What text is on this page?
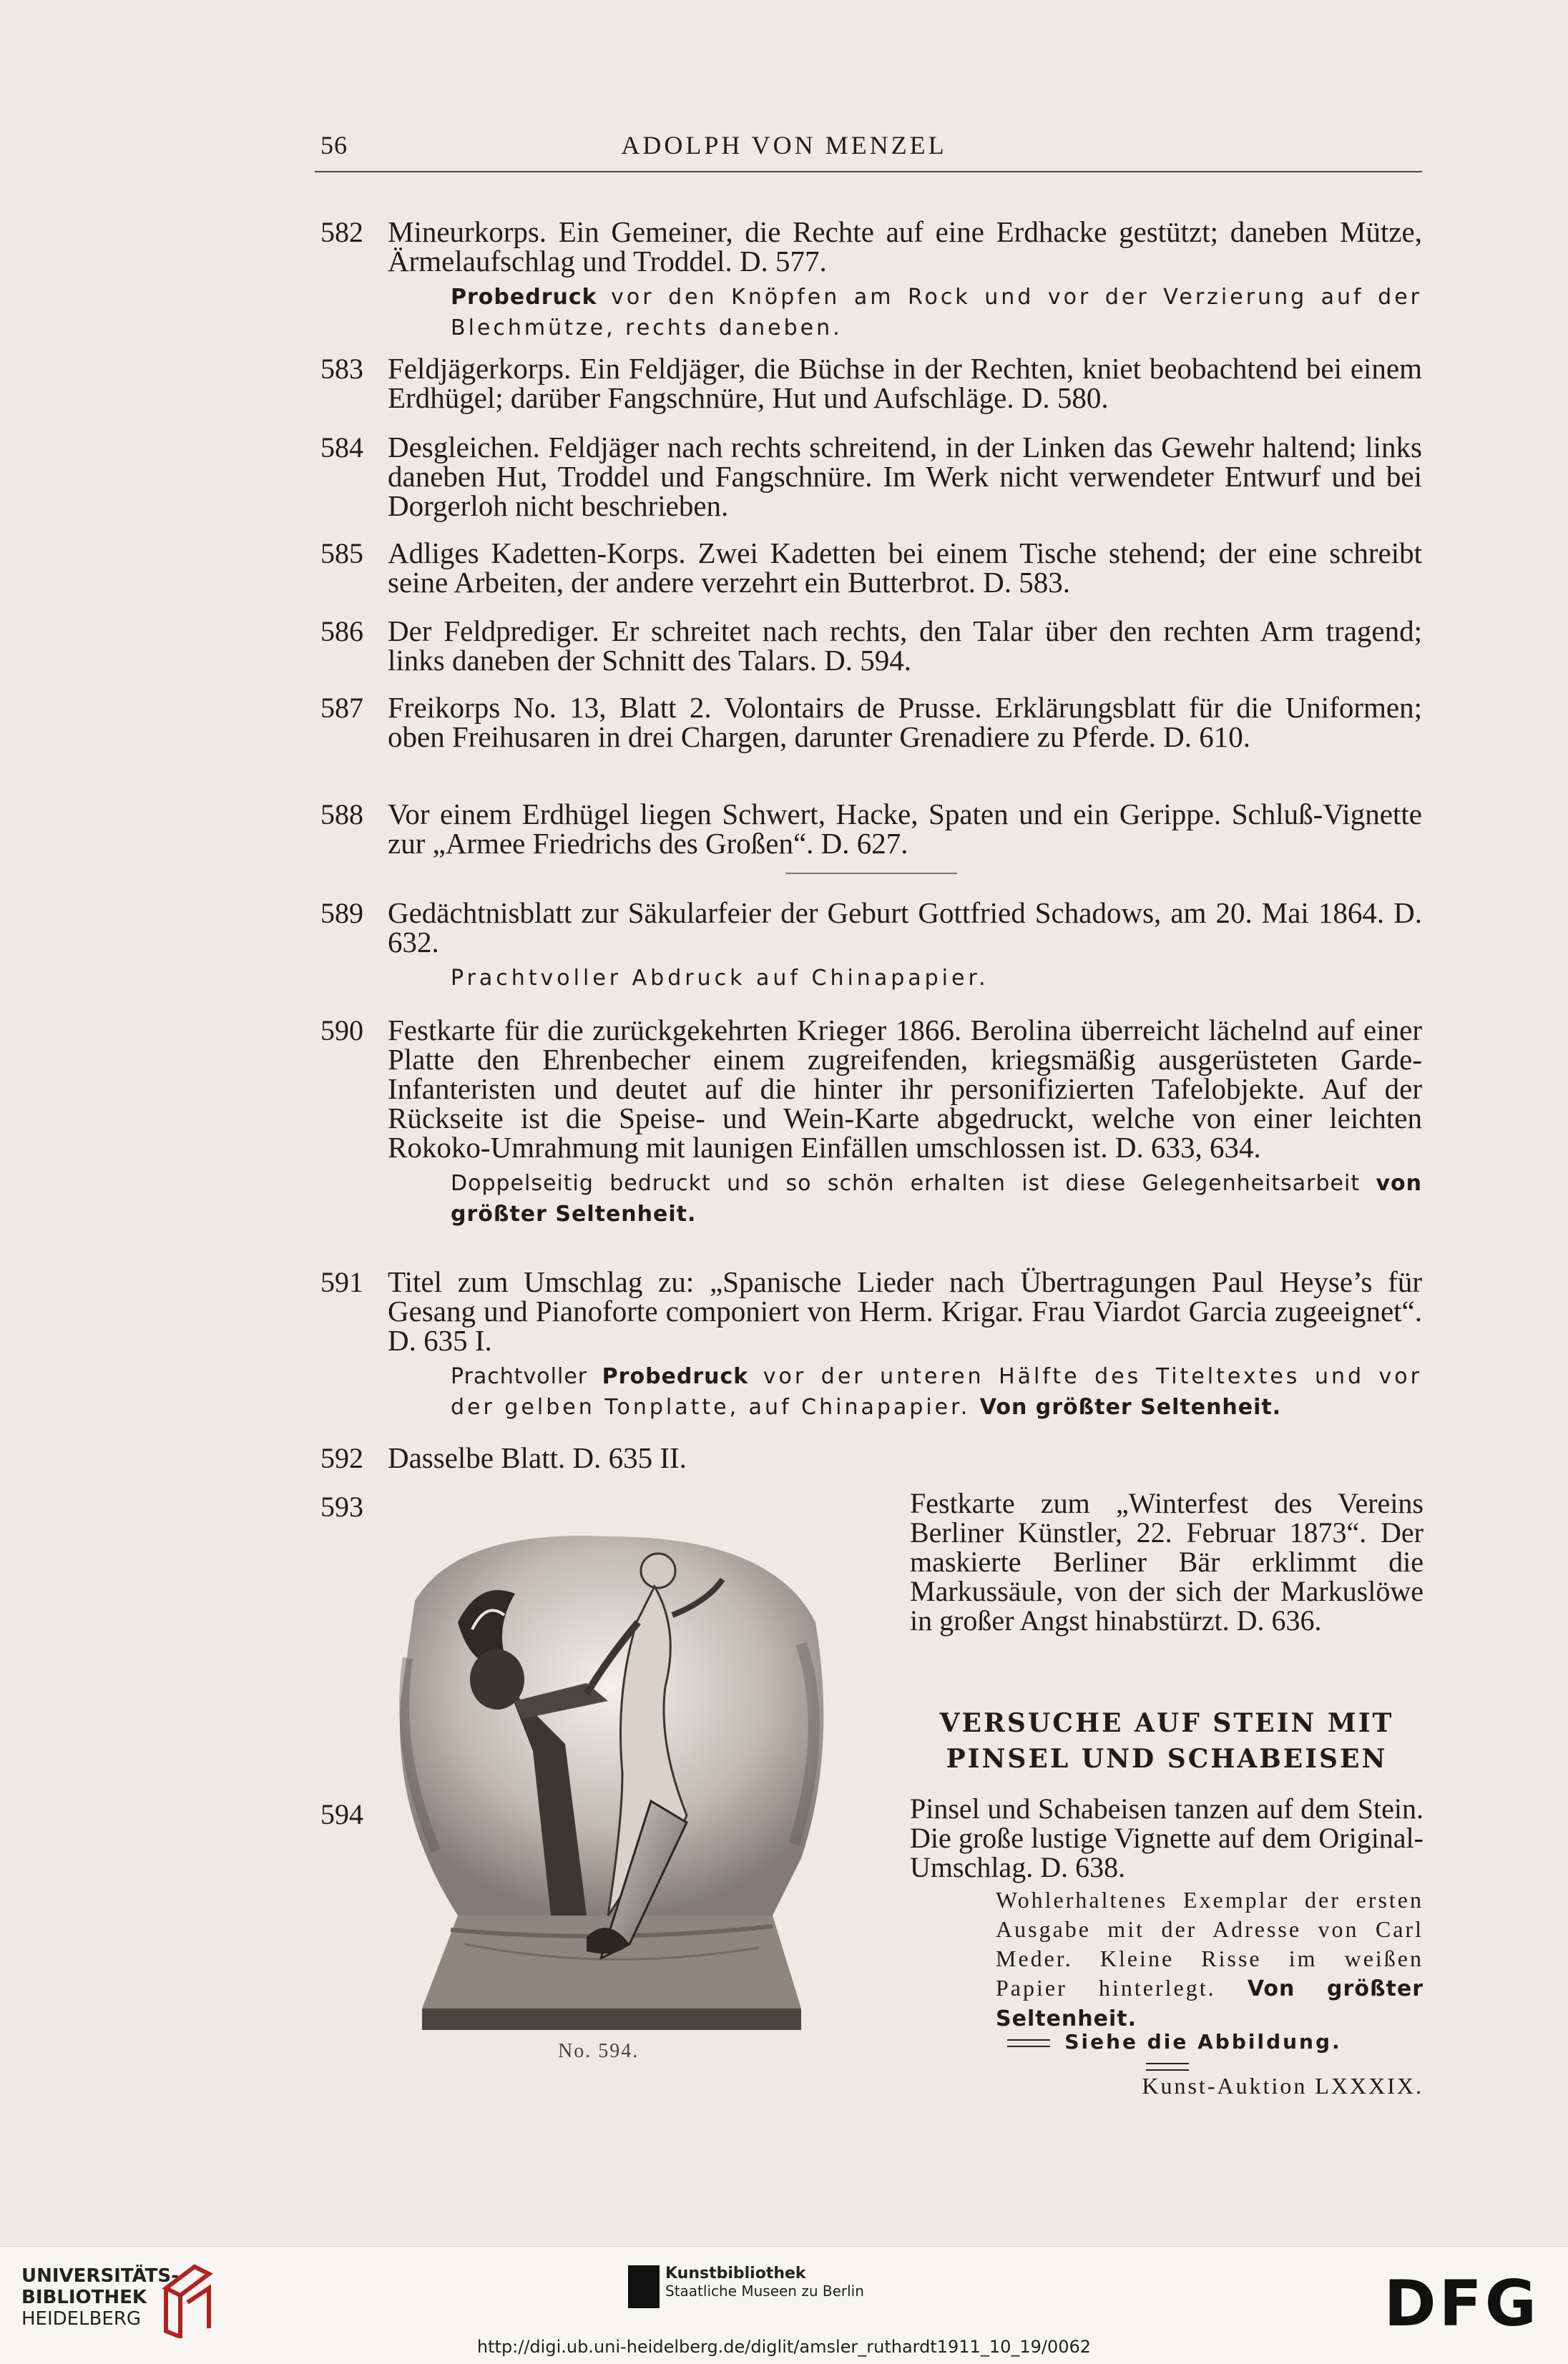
56	ADOLPH VON MENZEL
582 Mineurkorps. Ein Gemeiner, die Rechte auf eine Erdhacke gestützt; daneben Mütze, Ärmelaufschlag und Troddel. D. 577.
Probedruck vor den Knöpfen am Rock und vor der Verzierung auf der Blechmütze, rechts daneben.
583 Feldjägerkorps. Ein Feldjäger, die Büchse in der Rechten, kniet beobachtend bei einem Erdhügel; darüber Fangschnüre, Hut und Aufschläge. D. 580.
584 Desgleichen. Feldjäger nach rechts schreitend, in der Linken das Gewehr haltend; links daneben Hut, Troddel und Fangschnüre. Im Werk nicht verwendeter Entwurf und bei Dorgerloh nicht beschrieben.
585 Adliges Kadetten-Korps. Zwei Kadetten bei einem Tische stehend; der eine schreibt seine Arbeiten, der andere verzehrt ein Butterbrot. D. 583.
586 Der Feldprediger. Er schreitet nach rechts, den Talar über den rechten Arm tragend; links daneben der Schnitt des Talars. D. 594.
587 Freikorps No. 13, Blatt 2. Volontairs de Prusse. Erklärungsblatt für die Uniformen; oben Freihusaren in drei Chargen, darunter Grenadiere zu Pferde. D. 610.
588 Vor einem Erdhügel liegen Schwert, Hacke, Spaten und ein Gerippe. Schluß-Vignette zur „Armee Friedrichs des Großen“. D. 627.
589 Gedächtnisblatt zur Säkularfeier der Geburt Gottfried Schadows, am 20. Mai 1864. D. 632.
Prachtvoller Abdruck auf Chinapapier.
590 Festkarte für die zurückgekehrten Krieger 1866. Berolina überreicht lächelnd auf einer Platte den Ehrenbecher einem zugreifenden, kriegsmäßig ausgerüsteten Garde-Infanteristen und deutet auf die hinter ihr personifizierten Tafelobjekte. Auf der Rückseite ist die Speise- und Wein-Karte abgedruckt, welche von einer leichten Rokoko-Umrahmung mit launigen Einfällen umschlossen ist. D. 633, 634.
Doppelseitig bedruckt und so schön erhalten ist diese Gelegenheitsarbeit von größter Seltenheit.
591 Titel zum Umschlag zu: „Spanische Lieder nach Übertragungen Paul Heyse’s für Gesang und Pianoforte componiert von Herm. Krigar. Frau Viardot Garcia zugeeignet“. D. 635 I.
Prachtvoller Probedruck vor der unteren Hälfte des Titeltextes und vor der gelben Tonplatte, auf Chinapapier. Von größter Seltenheit.
592 Dasselbe Blatt. D. 635 II.
593
594
No. 594.
Festkarte zum „Winterfest des Vereins Berliner Künstler, 22. Februar 1873“. Der maskierte Berliner Bär erklimmt die Markussäule, von der sich der Markuslöwe in großer Angst hinabstürzt. D. 636.
VERSUCHE AUF STEIN MIT
PINSEL UND SCHABEISEN
Pinsel und Schabeisen tanzen auf dem Stein. Die große lustige Vignette auf dem Original-Umschlag. D. 638.
Wohlerhaltenes Exemplar der ersten Ausgabe mit der Adresse von Carl Meder. Kleine Risse im weißen Papier hinterlegt. Von größter Seltenheit.
Siehe die Abbildung.
Kunst-Auktion LXXXIX.
UNIVERSITÄTS-
BIBLIOTHEK
HEIDELBERG
Kunstbibliothek
Staatliche Museen zu Berlin	DFG
http://digi.ub.uni-heidelberg.de/diglit/amsler_ruthardt1911_10_19/0062
